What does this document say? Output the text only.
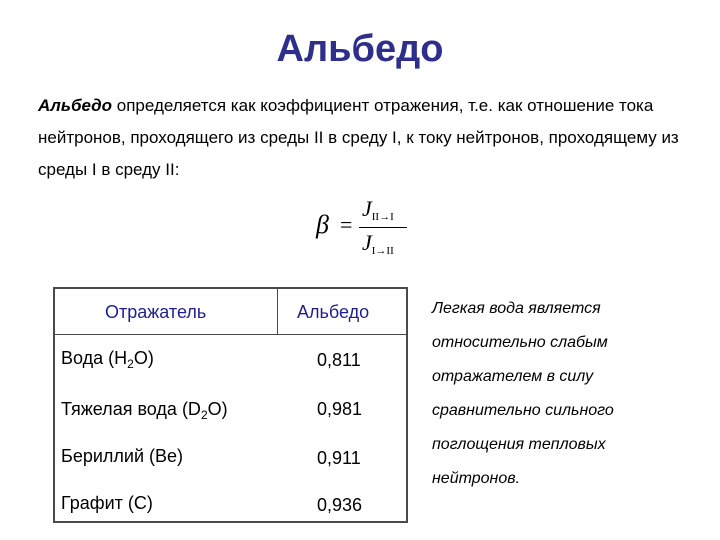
Альбедо
Альбедо определяется как коэффициент отражения, т.е. как отношение тока нейтронов, проходящего из среды II в среду I, к току нейтронов, проходящему из среды I в среду II:
β =
$J_{II\to I}$
$J_{I\to II}$
Отражатель	Альбедо
Вода $(H_2O)$	0,811
Тяжелая вода $(D_2O)$	0,981
Бериллий (Be)	0,911
Графит (C)	0,936
Легкая вода является
относительно слабым
отражателем в силу
сравнительно сильного
поглощения тепловых
нейтронов.
